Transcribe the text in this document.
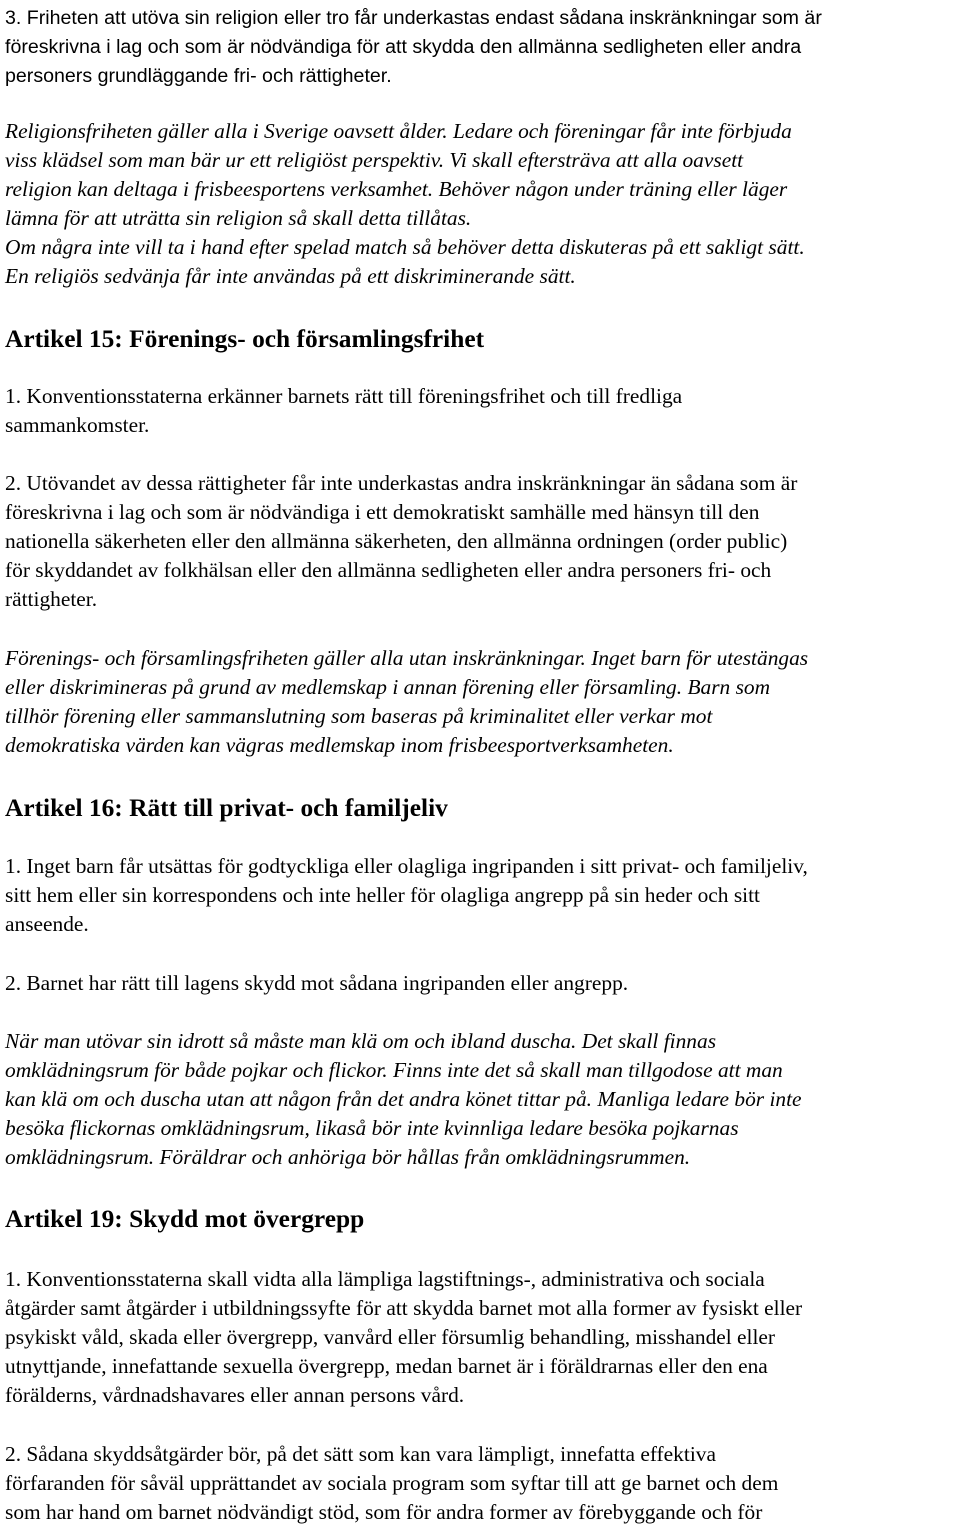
3. Friheten att utöva sin religion eller tro får underkastas endast sådana inskränkningar som är
föreskrivna i lag och som är nödvändiga för att skydda den allmänna sedligheten eller andra
personers grundläggande fri- och rättigheter.

Religionsfriheten gäller alla i Sverige oavsett ålder. Ledare och föreningar får inte förbjuda
viss klädsel som man bär ur ett religiöst perspektiv. Vi skall eftersträva att alla oavsett
religion kan deltaga i frisbeesportens verksamhet. Behöver någon under träning eller läger
lämna för att uträtta sin religion så skall detta tillåtas.
Om några inte vill ta i hand efter spelad match så behöver detta diskuteras på ett sakligt sätt.
En religiös sedvänja får inte användas på ett diskriminerande sätt.

Artikel 15: Förenings- och församlingsfrihet

1. Konventionsstaterna erkänner barnets rätt till föreningsfrihet och till fredliga
sammankomster.

2. Utövandet av dessa rättigheter får inte underkastas andra inskränkningar än sådana som är
föreskrivna i lag och som är nödvändiga i ett demokratiskt samhälle med hänsyn till den
nationella säkerheten eller den allmänna säkerheten, den allmänna ordningen (order public)
för skyddandet av folkhälsan eller den allmänna sedligheten eller andra personers fri- och
rättigheter.

Förenings- och församlingsfriheten gäller alla utan inskränkningar. Inget barn för utestängas
eller diskrimineras på grund av medlemskap i annan förening eller församling. Barn som
tillhör förening eller sammanslutning som baseras på kriminalitet eller verkar mot
demokratiska värden kan vägras medlemskap inom frisbeesportverksamheten.

Artikel 16: Rätt till privat- och familjeliv

1. Inget barn får utsättas för godtyckliga eller olagliga ingripanden i sitt privat- och familjeliv,
sitt hem eller sin korrespondens och inte heller för olagliga angrepp på sin heder och sitt
anseende.

2. Barnet har rätt till lagens skydd mot sådana ingripanden eller angrepp.

När man utövar sin idrott så måste man klä om och ibland duscha. Det skall finnas
omklädningsrum för både pojkar och flickor. Finns inte det så skall man tillgodose att man
kan klä om och duscha utan att någon från det andra könet tittar på. Manliga ledare bör inte
besöka flickornas omklädningsrum, likaså bör inte kvinnliga ledare besöka pojkarnas
omklädningsrum. Föräldrar och anhöriga bör hållas från omklädningsrummen.

Artikel 19: Skydd mot övergrepp

1. Konventionsstaterna skall vidta alla lämpliga lagstiftnings-, administrativa och sociala
åtgärder samt åtgärder i utbildningssyfte för att skydda barnet mot alla former av fysiskt eller
psykiskt våld, skada eller övergrepp, vanvård eller försumlig behandling, misshandel eller
utnyttjande, innefattande sexuella övergrepp, medan barnet är i föräldrarnas eller den ena
förälderns, vårdnadshavares eller annan persons vård.

2. Sådana skyddsåtgärder bör, på det sätt som kan vara lämpligt, innefatta effektiva
förfaranden för såväl upprättandet av sociala program som syftar till att ge barnet och dem
som har hand om barnet nödvändigt stöd, som för andra former av förebyggande och för
